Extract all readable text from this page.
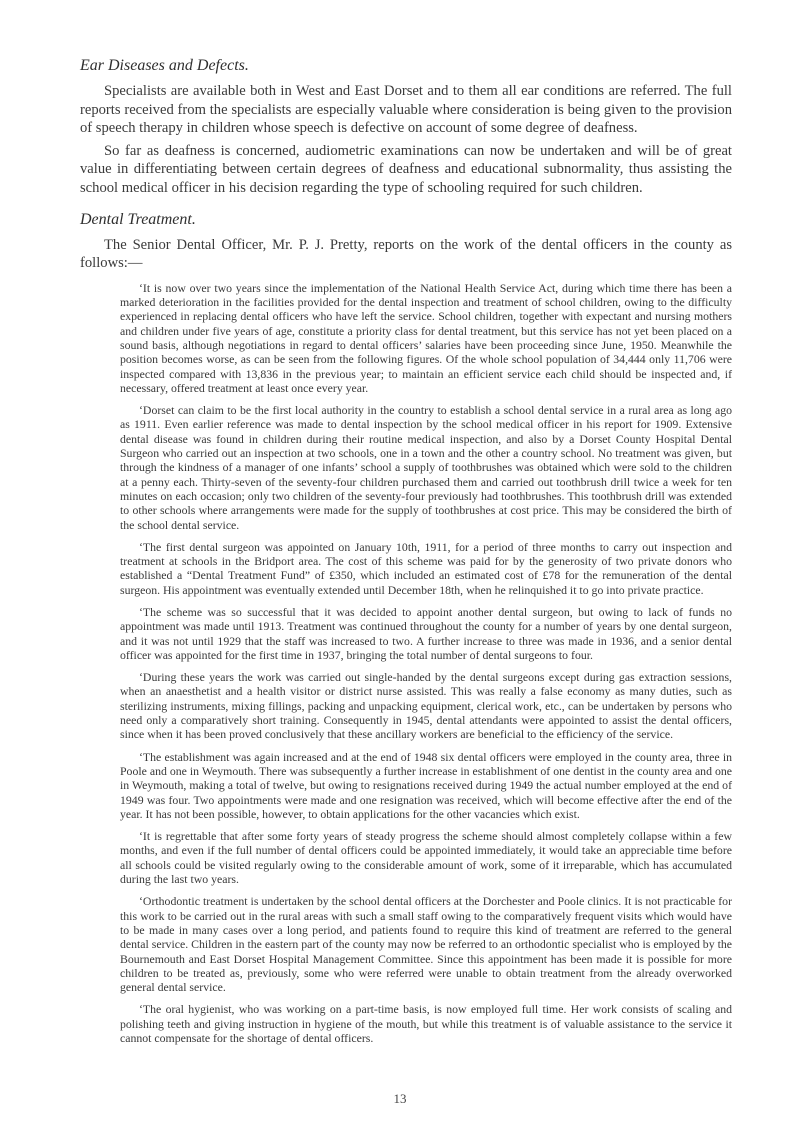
Ear Diseases and Defects.

Specialists are available both in West and East Dorset and to them all ear conditions are referred. The full reports received from the specialists are especially valuable where consideration is being given to the provision of speech therapy in children whose speech is defective on account of some degree of deafness.

So far as deafness is concerned, audiometric examinations can now be undertaken and will be of great value in differentiating between certain degrees of deafness and educational subnormality, thus assisting the school medical officer in his decision regarding the type of schooling required for such children.

Dental Treatment.

The Senior Dental Officer, Mr. P. J. Pretty, reports on the work of the dental officers in the county as follows:—

‘It is now over two years since the implementation of the National Health Service Act, during which time there has been a marked deterioration in the facilities provided for the dental inspection and treatment of school children, owing to the difficulty experienced in replacing dental officers who have left the service. School children, together with expectant and nursing mothers and children under five years of age, constitute a priority class for dental treatment, but this service has not yet been placed on a sound basis, although negotiations in regard to dental officers’ salaries have been proceeding since June, 1950. Meanwhile the position becomes worse, as can be seen from the following figures. Of the whole school population of 34,444 only 11,706 were inspected compared with 13,836 in the previous year; to maintain an efficient service each child should be inspected and, if necessary, offered treatment at least once every year.

‘Dorset can claim to be the first local authority in the country to establish a school dental service in a rural area as long ago as 1911. Even earlier reference was made to dental inspection by the school medical officer in his report for 1909. Extensive dental disease was found in children during their routine medical inspection, and also by a Dorset County Hospital Dental Surgeon who carried out an inspection at two schools, one in a town and the other a country school. No treatment was given, but through the kindness of a manager of one infants’ school a supply of toothbrushes was obtained which were sold to the children at a penny each. Thirty-seven of the seventy-four children purchased them and carried out toothbrush drill twice a week for ten minutes on each occasion; only two children of the seventy-four previously had toothbrushes. This toothbrush drill was extended to other schools where arrangements were made for the supply of toothbrushes at cost price. This may be considered the birth of the school dental service.

‘The first dental surgeon was appointed on January 10th, 1911, for a period of three months to carry out inspection and treatment at schools in the Bridport area. The cost of this scheme was paid for by the generosity of two private donors who established a “Dental Treatment Fund” of £350, which included an estimated cost of £78 for the remuneration of the dental surgeon. His appointment was eventually extended until December 18th, when he relinquished it to go into private practice.

‘The scheme was so successful that it was decided to appoint another dental surgeon, but owing to lack of funds no appointment was made until 1913. Treatment was continued throughout the county for a number of years by one dental surgeon, and it was not until 1929 that the staff was increased to two. A further increase to three was made in 1936, and a senior dental officer was appointed for the first time in 1937, bringing the total number of dental surgeons to four.

‘During these years the work was carried out single-handed by the dental surgeons except during gas extraction sessions, when an anaesthetist and a health visitor or district nurse assisted. This was really a false economy as many duties, such as sterilizing instruments, mixing fillings, packing and unpacking equipment, clerical work, etc., can be undertaken by persons who need only a comparatively short training. Consequently in 1945, dental attendants were appointed to assist the dental officers, since when it has been proved conclusively that these ancillary workers are beneficial to the efficiency of the service.

‘The establishment was again increased and at the end of 1948 six dental officers were employed in the county area, three in Poole and one in Weymouth. There was subsequently a further increase in establishment of one dentist in the county area and one in Weymouth, making a total of twelve, but owing to resignations received during 1949 the actual number employed at the end of 1949 was four. Two appointments were made and one resignation was received, which will become effective after the end of the year. It has not been possible, however, to obtain applications for the other vacancies which exist.

‘It is regrettable that after some forty years of steady progress the scheme should almost completely collapse within a few months, and even if the full number of dental officers could be appointed immediately, it would take an appreciable time before all schools could be visited regularly owing to the considerable amount of work, some of it irreparable, which has accumulated during the last two years.

‘Orthodontic treatment is undertaken by the school dental officers at the Dorchester and Poole clinics. It is not practicable for this work to be carried out in the rural areas with such a small staff owing to the comparatively frequent visits which would have to be made in many cases over a long period, and patients found to require this kind of treatment are referred to the general dental service. Children in the eastern part of the county may now be referred to an orthodontic specialist who is employed by the Bournemouth and East Dorset Hospital Management Committee. Since this appointment has been made it is possible for more children to be treated as, previously, some who were referred were unable to obtain treatment from the already overworked general dental service.

‘The oral hygienist, who was working on a part-time basis, is now employed full time. Her work consists of scaling and polishing teeth and giving instruction in hygiene of the mouth, but while this treatment is of valuable assistance to the service it cannot compensate for the shortage of dental officers.

13
